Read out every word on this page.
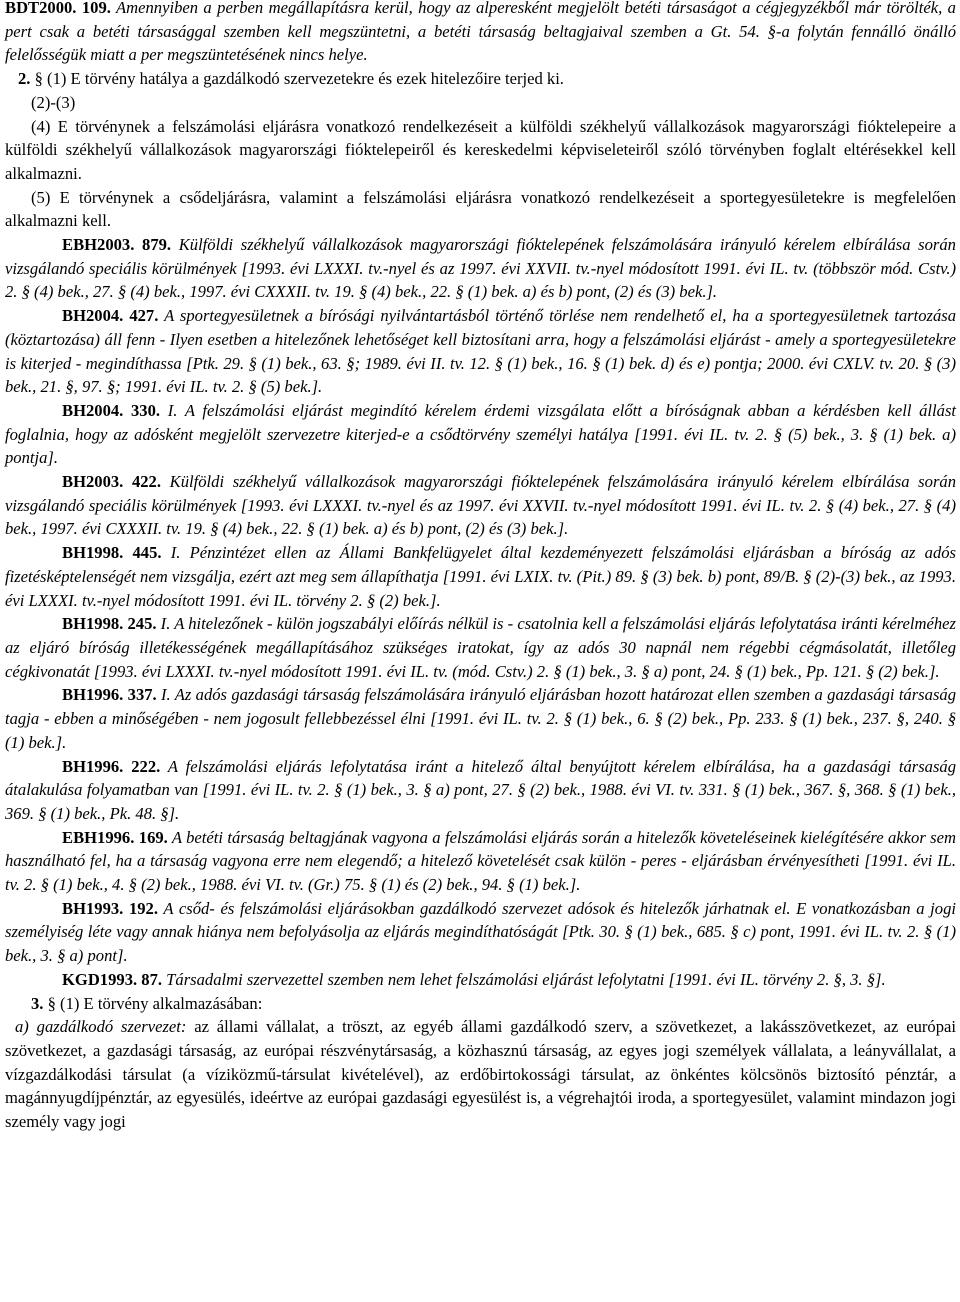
BDT2000. 109. Amennyiben a perben megállapításra kerül, hogy az alperesként megjelölt betéti társaságot a cégjegyzékből már törölték, a pert csak a betéti társasággal szemben kell megszüntetni, a betéti társaság beltagjaival szemben a Gt. 54. §-a folytán fennálló önálló felelősségük miatt a per megszüntetésének nincs helye.

2. § (1) E törvény hatálya a gazdálkodó szervezetekre és ezek hitelezőire terjed ki.

(2)-(3)

(4) E törvénynek a felszámolási eljárásra vonatkozó rendelkezéseit a külföldi székhelyű vállalkozások magyarországi fióktelepeire a külföldi székhelyű vállalkozások magyarországi fióktelepeiről és kereskedelmi képviseleteiről szóló törvényben foglalt eltérésekkel kell alkalmazni.

(5) E törvénynek a csődeljárásra, valamint a felszámolási eljárásra vonatkozó rendelkezéseit a sportegyesületekre is megfelelően alkalmazni kell.

EBH2003. 879. Külföldi székhelyű vállalkozások magyarországi fióktelepének felszámolására irányuló kérelem elbírálása során vizsgálandó speciális körülmények [1993. évi LXXXI. tv.-nyel és az 1997. évi XXVII. tv.-nyel módosított 1991. évi IL. tv. (többször mód. Cstv.) 2. § (4) bek., 27. § (4) bek., 1997. évi CXXXII. tv. 19. § (4) bek., 22. § (1) bek. a) és b) pont, (2) és (3) bek.].

BH2004. 427. A sportegyesületnek a bírósági nyilvántartásból történő törlése nem rendelhető el, ha a sportegyesületnek tartozása (köztartozása) áll fenn - Ilyen esetben a hitelezőnek lehetőséget kell biztosítani arra, hogy a felszámolási eljárást - amely a sportegyesületekre is kiterjed - megindíthassa [Ptk. 29. § (1) bek., 63. §; 1989. évi II. tv. 12. § (1) bek., 16. § (1) bek. d) és e) pontja; 2000. évi CXLV. tv. 20. § (3) bek., 21. §, 97. §; 1991. évi IL. tv. 2. § (5) bek.].

BH2004. 330. I. A felszámolási eljárást megindító kérelem érdemi vizsgálata előtt a bíróságnak abban a kérdésben kell állást foglalnia, hogy az adósként megjelölt szervezetre kiterjed-e a csődtörvény személyi hatálya [1991. évi IL. tv. 2. § (5) bek., 3. § (1) bek. a) pontja].

BH2003. 422. Külföldi székhelyű vállalkozások magyarországi fióktelepének felszámolására irányuló kérelem elbírálása során vizsgálandó speciális körülmények [1993. évi LXXXI. tv.-nyel és az 1997. évi XXVII. tv.-nyel módosított 1991. évi IL. tv. 2. § (4) bek., 27. § (4) bek., 1997. évi CXXXII. tv. 19. § (4) bek., 22. § (1) bek. a) és b) pont, (2) és (3) bek.].

BH1998. 445. I. Pénzintézet ellen az Állami Bankfelügyelet által kezdeményezett felszámolási eljárásban a bíróság az adós fizetésképtelenségét nem vizsgálja, ezért azt meg sem állapíthatja [1991. évi LXIX. tv. (Pit.) 89. § (3) bek. b) pont, 89/B. § (2)-(3) bek., az 1993. évi LXXXI. tv.-nyel módosított 1991. évi IL. törvény 2. § (2) bek.].

BH1998. 245. I. A hitelezőnek - külön jogszabályi előírás nélkül is - csatolnia kell a felszámolási eljárás lefolytatása iránti kérelméhez az eljáró bíróság illetékességének megállapításához szükséges iratokat, így az adós 30 napnál nem régebbi cégmásolatát, illetőleg cégkivonatát [1993. évi LXXXI. tv.-nyel módosított 1991. évi IL. tv. (mód. Cstv.) 2. § (1) bek., 3. § a) pont, 24. § (1) bek., Pp. 121. § (2) bek.].

BH1996. 337. I. Az adós gazdasági társaság felszámolására irányuló eljárásban hozott határozat ellen szemben a gazdasági társaság tagja - ebben a minőségében - nem jogosult fellebbezéssel élni [1991. évi IL. tv. 2. § (1) bek., 6. § (2) bek., Pp. 233. § (1) bek., 237. §, 240. § (1) bek.].

BH1996. 222. A felszámolási eljárás lefolytatása iránt a hitelező által benyújtott kérelem elbírálása, ha a gazdasági társaság átalakulása folyamatban van [1991. évi IL. tv. 2. § (1) bek., 3. § a) pont, 27. § (2) bek., 1988. évi VI. tv. 331. § (1) bek., 367. §, 368. § (1) bek., 369. § (1) bek., Pk. 48. §].

EBH1996. 169. A betéti társaság beltagjának vagyona a felszámolási eljárás során a hitelezők követeléseinek kielégítésére akkor sem használható fel, ha a társaság vagyona erre nem elegendő; a hitelező követelését csak külön - peres - eljárásban érvényesítheti [1991. évi IL. tv. 2. § (1) bek., 4. § (2) bek., 1988. évi VI. tv. (Gr.) 75. § (1) és (2) bek., 94. § (1) bek.].

BH1993. 192. A csőd- és felszámolási eljárásokban gazdálkodó szervezet adósok és hitelezők járhatnak el. E vonatkozásban a jogi személyiség léte vagy annak hiánya nem befolyásolja az eljárás megindíthatóságát [Ptk. 30. § (1) bek., 685. § c) pont, 1991. évi IL. tv. 2. § (1) bek., 3. § a) pont].

KGD1993. 87. Társadalmi szervezettel szemben nem lehet felszámolási eljárást lefolytatni [1991. évi IL. törvény 2. §, 3. §].

3. § (1) E törvény alkalmazásában:

a) gazdálkodó szervezet: az állami vállalat, a tröszt, az egyéb állami gazdálkodó szerv, a szövetkezet, a lakásszövetkezet, az európai szövetkezet, a gazdasági társaság, az európai részvénytársaság, a közhasznú társaság, az egyes jogi személyek vállalata, a leányvállalat, a vízgazdálkodási társulat (a víziközmű-társulat kivételével), az erdőbirtokossági társulat, az önkéntes kölcsönös biztosító pénztár, a magánnyugdíjpénztár, az egyesülés, ideértve az európai gazdasági egyesülést is, a végrehajtói iroda, a sportegyesület, valamint mindazon jogi személy vagy jogi
